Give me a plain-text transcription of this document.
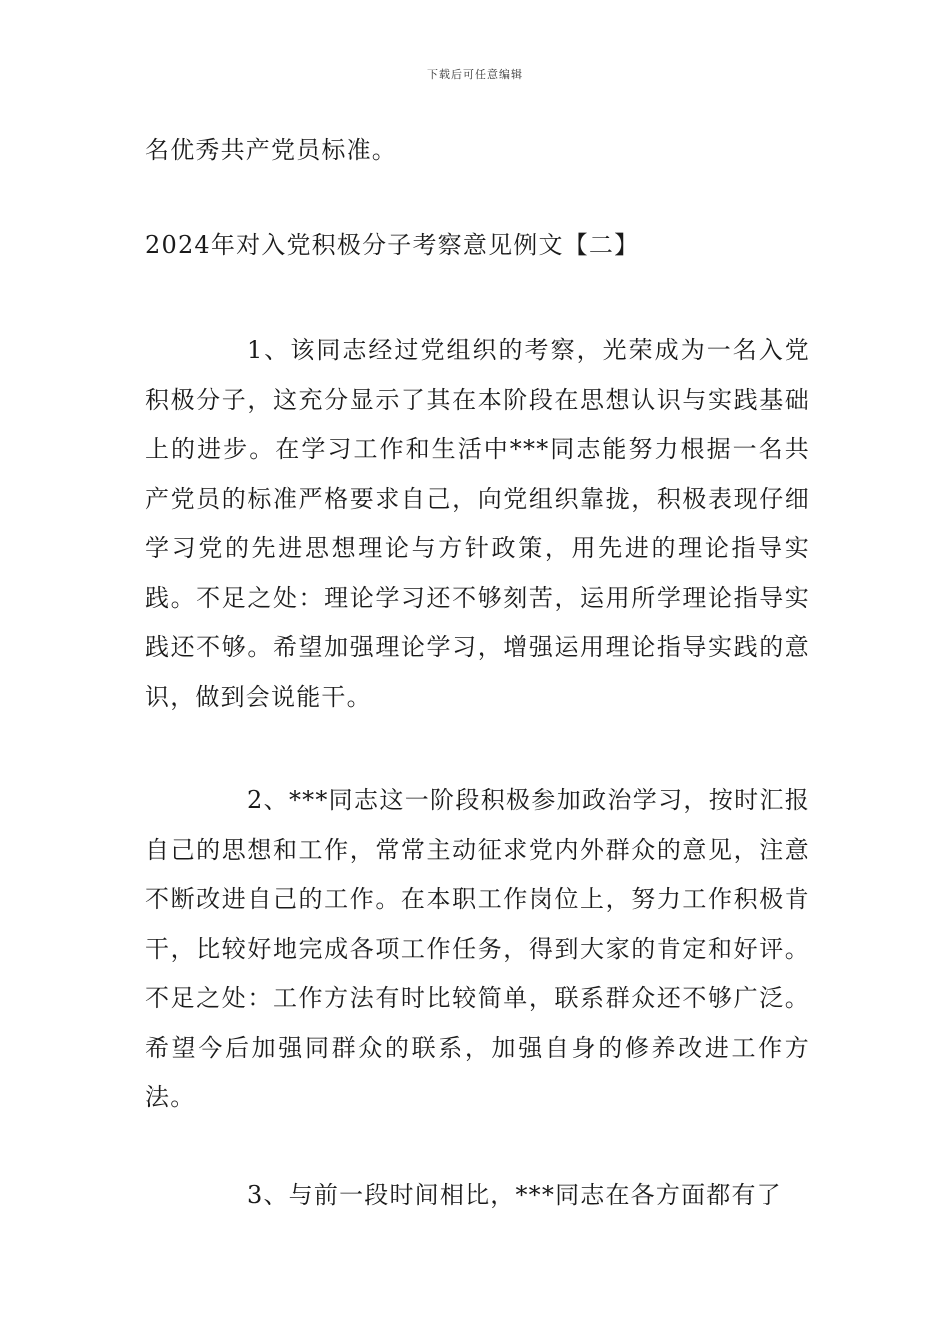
下载后可任意编辑

名优秀共产党员标准。

2024年对入党积极分子考察意见例文【二】

1、该同志经过党组织的考察，光荣成为一名入党积极分子，这充分显示了其在本阶段在思想认识与实践基础上的进步。在学习工作和生活中***同志能努力根据一名共产党员的标准严格要求自己，向党组织靠拢，积极表现仔细学习党的先进思想理论与方针政策，用先进的理论指导实践。不足之处：理论学习还不够刻苦，运用所学理论指导实践还不够。希望加强理论学习，增强运用理论指导实践的意识，做到会说能干。

2、***同志这一阶段积极参加政治学习，按时汇报自己的思想和工作，常常主动征求党内外群众的意见，注意不断改进自己的工作。在本职工作岗位上，努力工作积极肯干，比较好地完成各项工作任务，得到大家的肯定和好评。不足之处：工作方法有时比较简单，联系群众还不够广泛。希望今后加强同群众的联系，加强自身的修养改进工作方法。

3、与前一段时间相比，***同志在各方面都有了
